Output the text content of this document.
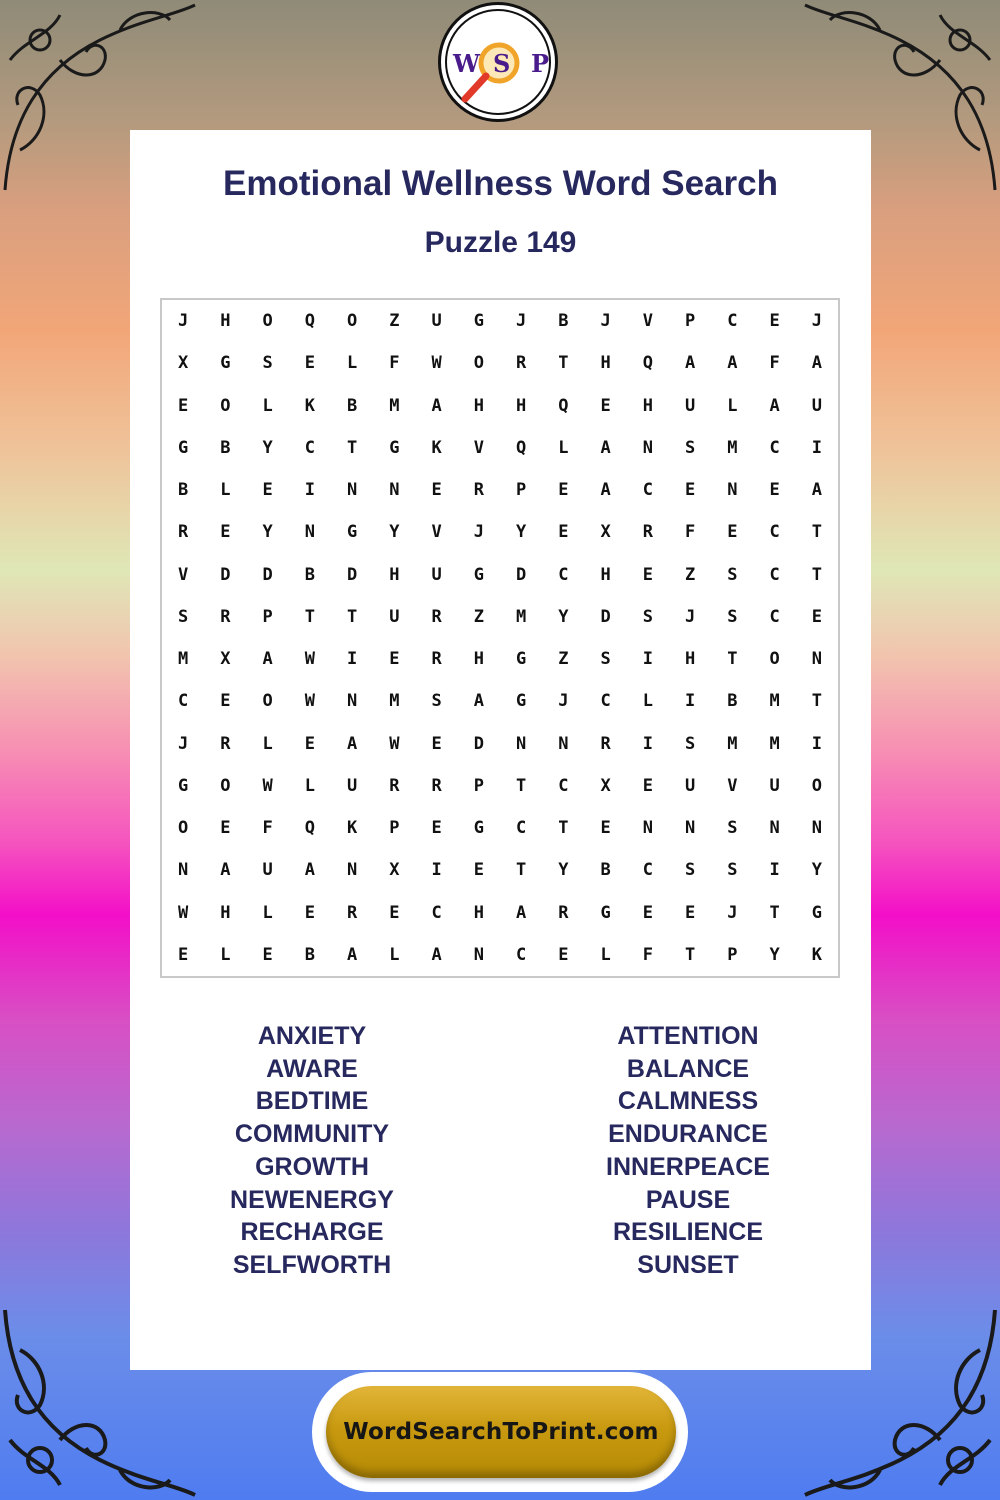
W S P
Emotional Wellness Word Search
Puzzle 149
J	H	O	Q	O	Z	U	G	J	B	J	V	P	C	E	J
X	G	S	E	L	F	W	O	R	T	H	Q	A	A	F	A
E	O	L	K	B	M	A	H	H	Q	E	H	U	L	A	U
G	B	Y	C	T	G	K	V	Q	L	A	N	S	M	C	I
B	L	E	I	N	N	E	R	P	E	A	C	E	N	E	A
R	E	Y	N	G	Y	V	J	Y	E	X	R	F	E	C	T
V	D	D	B	D	H	U	G	D	C	H	E	Z	S	C	T
S	R	P	T	T	U	R	Z	M	Y	D	S	J	S	C	E
M	X	A	W	I	E	R	H	G	Z	S	I	H	T	O	N
C	E	O	W	N	M	S	A	G	J	C	L	I	B	M	T
J	R	L	E	A	W	E	D	N	N	R	I	S	M	M	I
G	O	W	L	U	R	R	P	T	C	X	E	U	V	U	O
O	E	F	Q	K	P	E	G	C	T	E	N	N	S	N	N
N	A	U	A	N	X	I	E	T	Y	B	C	S	S	I	Y
W	H	L	E	R	E	C	H	A	R	G	E	E	J	T	G
E	L	E	B	A	L	A	N	C	E	L	F	T	P	Y	K
ANXIETY
AWARE
BEDTIME
COMMUNITY
GROWTH
NEWENERGY
RECHARGE
SELFWORTH
ATTENTION
BALANCE
CALMNESS
ENDURANCE
INNERPEACE
PAUSE
RESILIENCE
SUNSET
WordSearchToPrint.com
